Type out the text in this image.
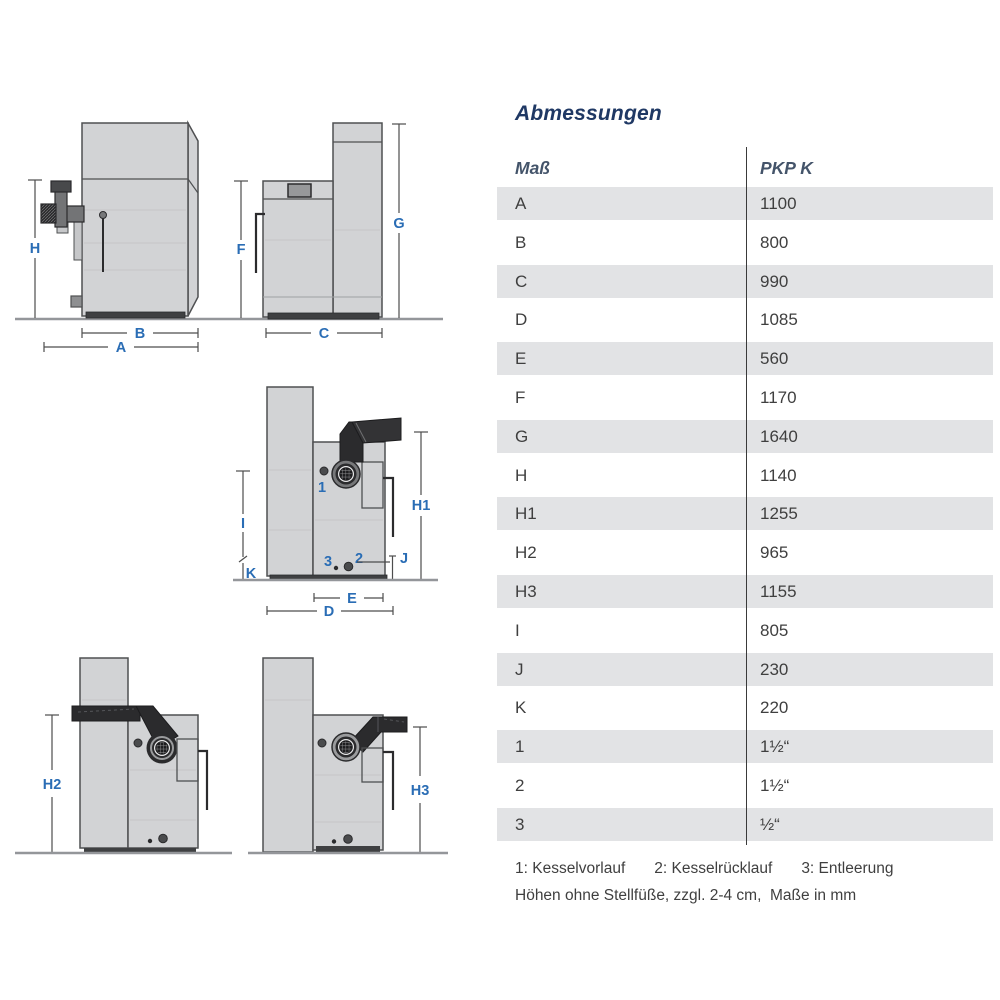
H
B
A
F
G
C
1
3 2
I
K
H1
J
E
D
H2	H3
Abmessungen
Maß	PKP K
A	1100
B	800
C	990
D	1085
E	560
F	1170
G	1640
H	1140
H1	1255
H2	965
H3	1155
I	805
J	230
K	220
1	1½“
2	1½“
3	½“
1: Kesselvorlauf 2: Kesselrücklauf 3: Entleerung
Höhen ohne Stellfüße, zzgl. 2-4 cm,  Maße in mm
